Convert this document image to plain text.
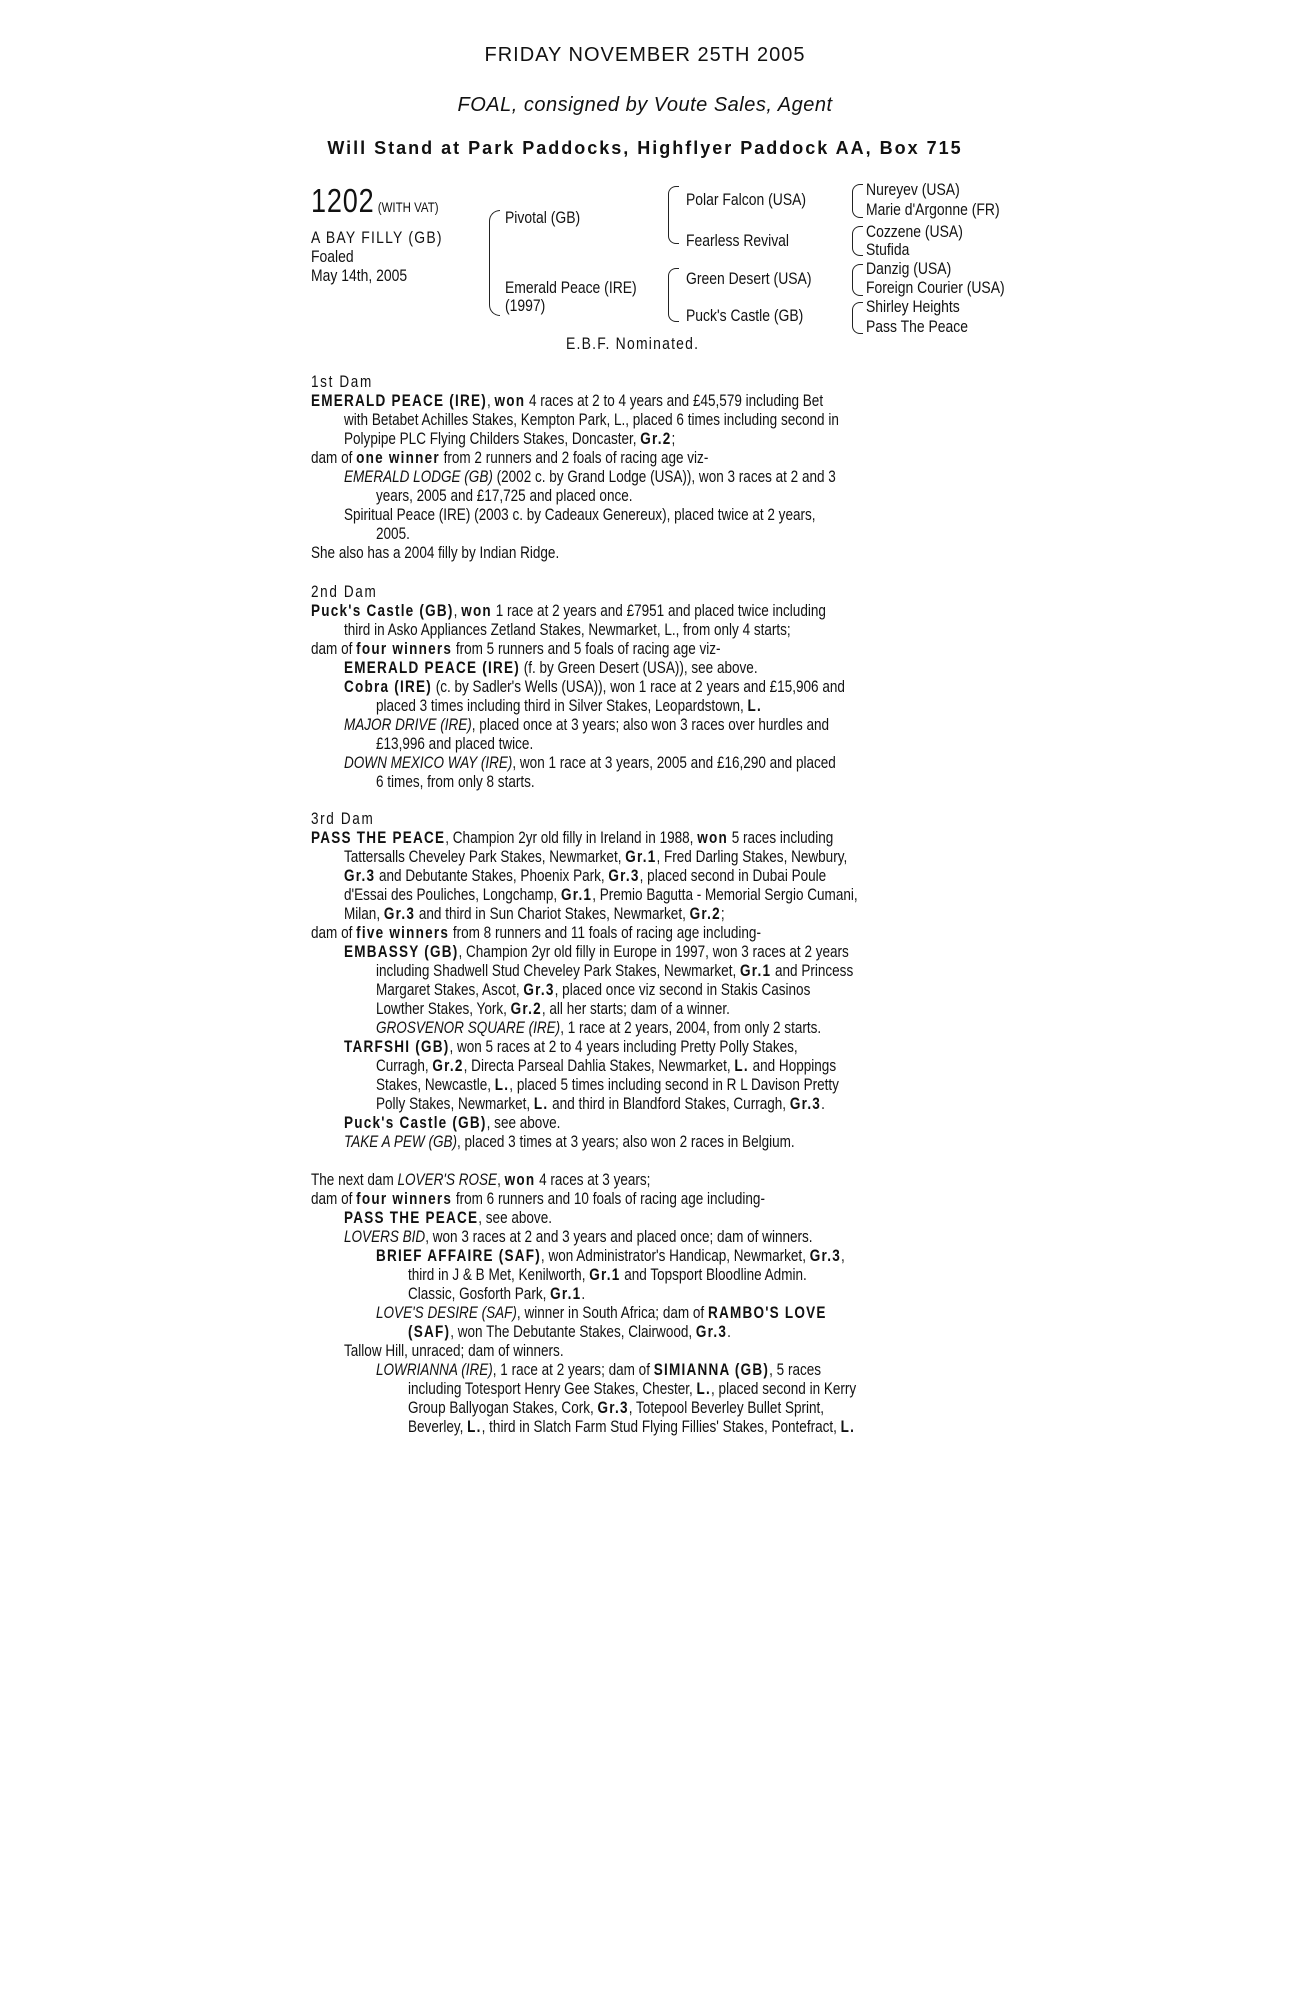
FRIDAY NOVEMBER 25TH 2005
FOAL, consigned by Voute Sales, Agent
Will Stand at Park Paddocks, Highflyer Paddock AA, Box 715
1202 (WITH VAT)
A BAY FILLY (GB)
Foaled
May 14th, 2005
Pivotal (GB)
Emerald Peace (IRE)
(1997)
Polar Falcon (USA)
Fearless Revival
Green Desert (USA)
Puck's Castle (GB)
Nureyev (USA)
Marie d'Argonne (FR)
Cozzene (USA)
Stufida
Danzig (USA)
Foreign Courier (USA)
Shirley Heights
Pass The Peace
E.B.F. Nominated.
1st Dam
EMERALD PEACE (IRE), won 4 races at 2 to 4 years and £45,579 including Bet
with Betabet Achilles Stakes, Kempton Park, L., placed 6 times including second in
Polypipe PLC Flying Childers Stakes, Doncaster, Gr.2;
dam of one winner from 2 runners and 2 foals of racing age viz-
EMERALD LODGE (GB) (2002 c. by Grand Lodge (USA)), won 3 races at 2 and 3
years, 2005 and £17,725 and placed once.
Spiritual Peace (IRE) (2003 c. by Cadeaux Genereux), placed twice at 2 years,
2005.
She also has a 2004 filly by Indian Ridge.
2nd Dam
Puck's Castle (GB), won 1 race at 2 years and £7951 and placed twice including
third in Asko Appliances Zetland Stakes, Newmarket, L., from only 4 starts;
dam of four winners from 5 runners and 5 foals of racing age viz-
EMERALD PEACE (IRE) (f. by Green Desert (USA)), see above.
Cobra (IRE) (c. by Sadler's Wells (USA)), won 1 race at 2 years and £15,906 and
placed 3 times including third in Silver Stakes, Leopardstown, L.
MAJOR DRIVE (IRE), placed once at 3 years; also won 3 races over hurdles and
£13,996 and placed twice.
DOWN MEXICO WAY (IRE), won 1 race at 3 years, 2005 and £16,290 and placed
6 times, from only 8 starts.
3rd Dam
PASS THE PEACE, Champion 2yr old filly in Ireland in 1988, won 5 races including
Tattersalls Cheveley Park Stakes, Newmarket, Gr.1, Fred Darling Stakes, Newbury,
Gr.3 and Debutante Stakes, Phoenix Park, Gr.3, placed second in Dubai Poule
d'Essai des Pouliches, Longchamp, Gr.1, Premio Bagutta - Memorial Sergio Cumani,
Milan, Gr.3 and third in Sun Chariot Stakes, Newmarket, Gr.2;
dam of five winners from 8 runners and 11 foals of racing age including-
EMBASSY (GB), Champion 2yr old filly in Europe in 1997, won 3 races at 2 years
including Shadwell Stud Cheveley Park Stakes, Newmarket, Gr.1 and Princess
Margaret Stakes, Ascot, Gr.3, placed once viz second in Stakis Casinos
Lowther Stakes, York, Gr.2, all her starts; dam of a winner.
GROSVENOR SQUARE (IRE), 1 race at 2 years, 2004, from only 2 starts.
TARFSHI (GB), won 5 races at 2 to 4 years including Pretty Polly Stakes,
Curragh, Gr.2, Directa Parseal Dahlia Stakes, Newmarket, L. and Hoppings
Stakes, Newcastle, L., placed 5 times including second in R L Davison Pretty
Polly Stakes, Newmarket, L. and third in Blandford Stakes, Curragh, Gr.3.
Puck's Castle (GB), see above.
TAKE A PEW (GB), placed 3 times at 3 years; also won 2 races in Belgium.
The next dam LOVER'S ROSE, won 4 races at 3 years;
dam of four winners from 6 runners and 10 foals of racing age including-
PASS THE PEACE, see above.
LOVERS BID, won 3 races at 2 and 3 years and placed once; dam of winners.
BRIEF AFFAIRE (SAF), won Administrator's Handicap, Newmarket, Gr.3,
third in J & B Met, Kenilworth, Gr.1 and Topsport Bloodline Admin.
Classic, Gosforth Park, Gr.1.
LOVE'S DESIRE (SAF), winner in South Africa; dam of RAMBO'S LOVE
(SAF), won The Debutante Stakes, Clairwood, Gr.3.
Tallow Hill, unraced; dam of winners.
LOWRIANNA (IRE), 1 race at 2 years; dam of SIMIANNA (GB), 5 races
including Totesport Henry Gee Stakes, Chester, L., placed second in Kerry
Group Ballyogan Stakes, Cork, Gr.3, Totepool Beverley Bullet Sprint,
Beverley, L., third in Slatch Farm Stud Flying Fillies' Stakes, Pontefract, L.
